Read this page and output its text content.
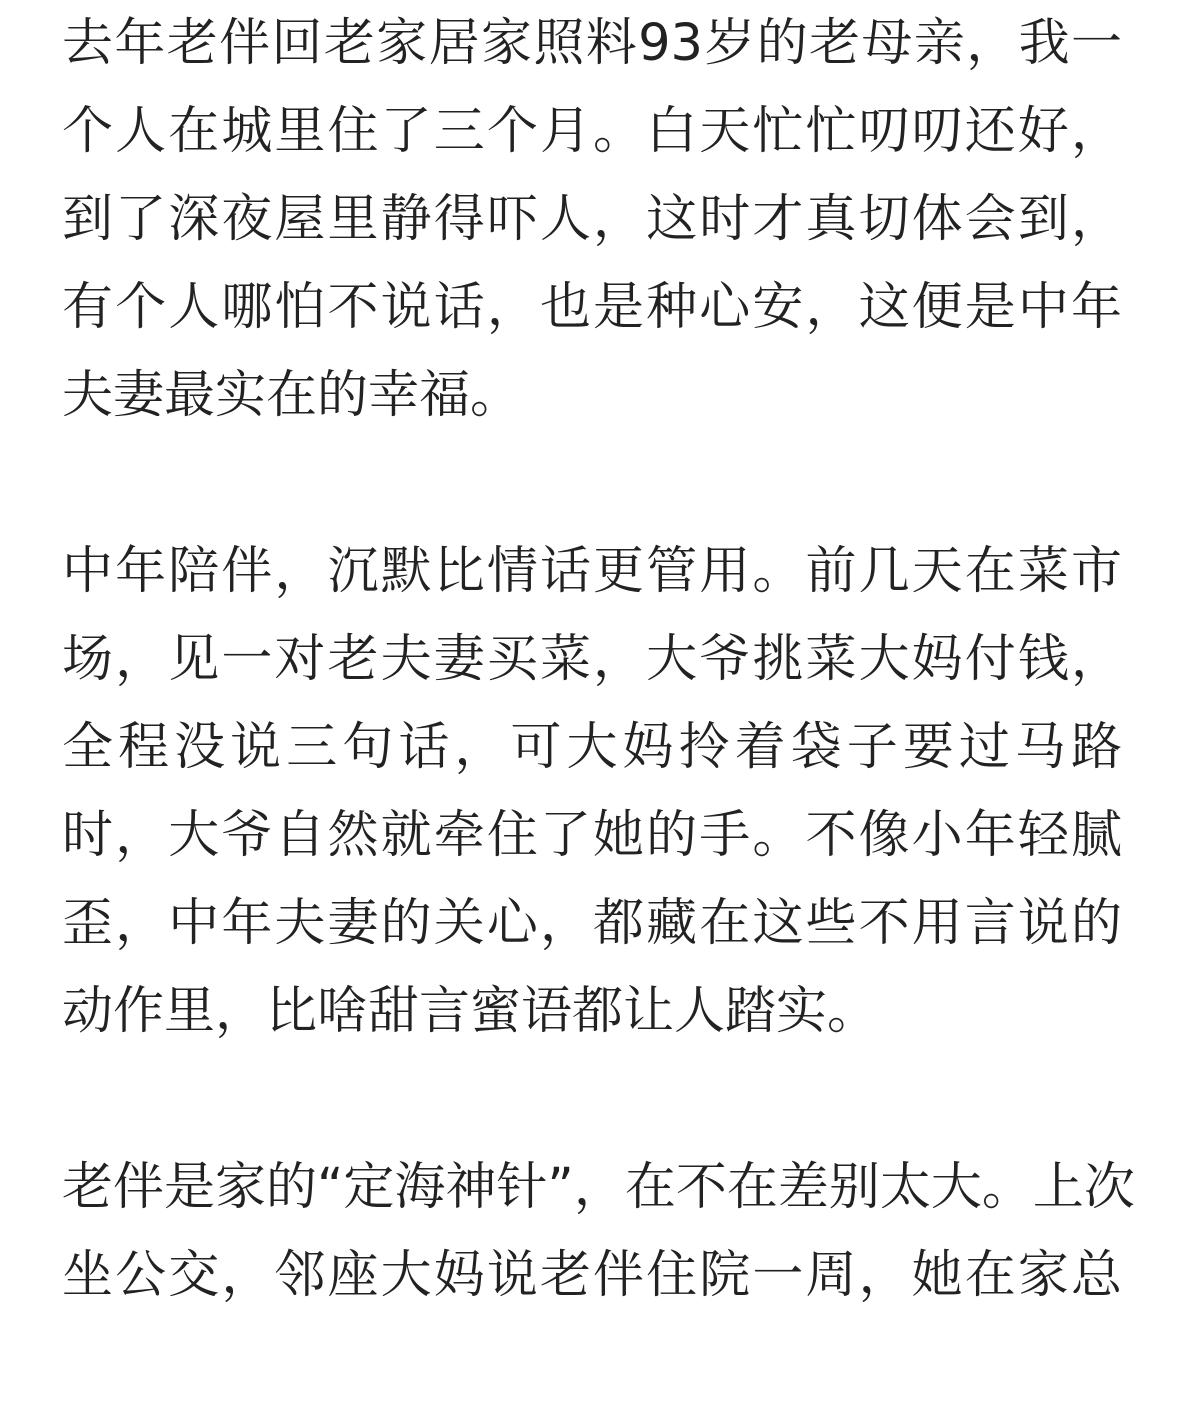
去年老伴回老家居家照料93岁的老母亲，我一
个人在城里住了三个月。白天忙忙叨叨还好，
到了深夜屋里静得吓人，这时才真切体会到，
有个人哪怕不说话，也是种心安，这便是中年
夫妻最实在的幸福。
中年陪伴，沉默比情话更管用。前几天在菜市
场，见一对老夫妻买菜，大爷挑菜大妈付钱，
全程没说三句话，可大妈拎着袋子要过马路
时，大爷自然就牵住了她的手。不像小年轻腻
歪，中年夫妻的关心，都藏在这些不用言说的
动作里，比啥甜言蜜语都让人踏实。
老伴是家的“定海神针”，在不在差别太大。上次
坐公交，邻座大妈说老伴住院一周，她在家总
